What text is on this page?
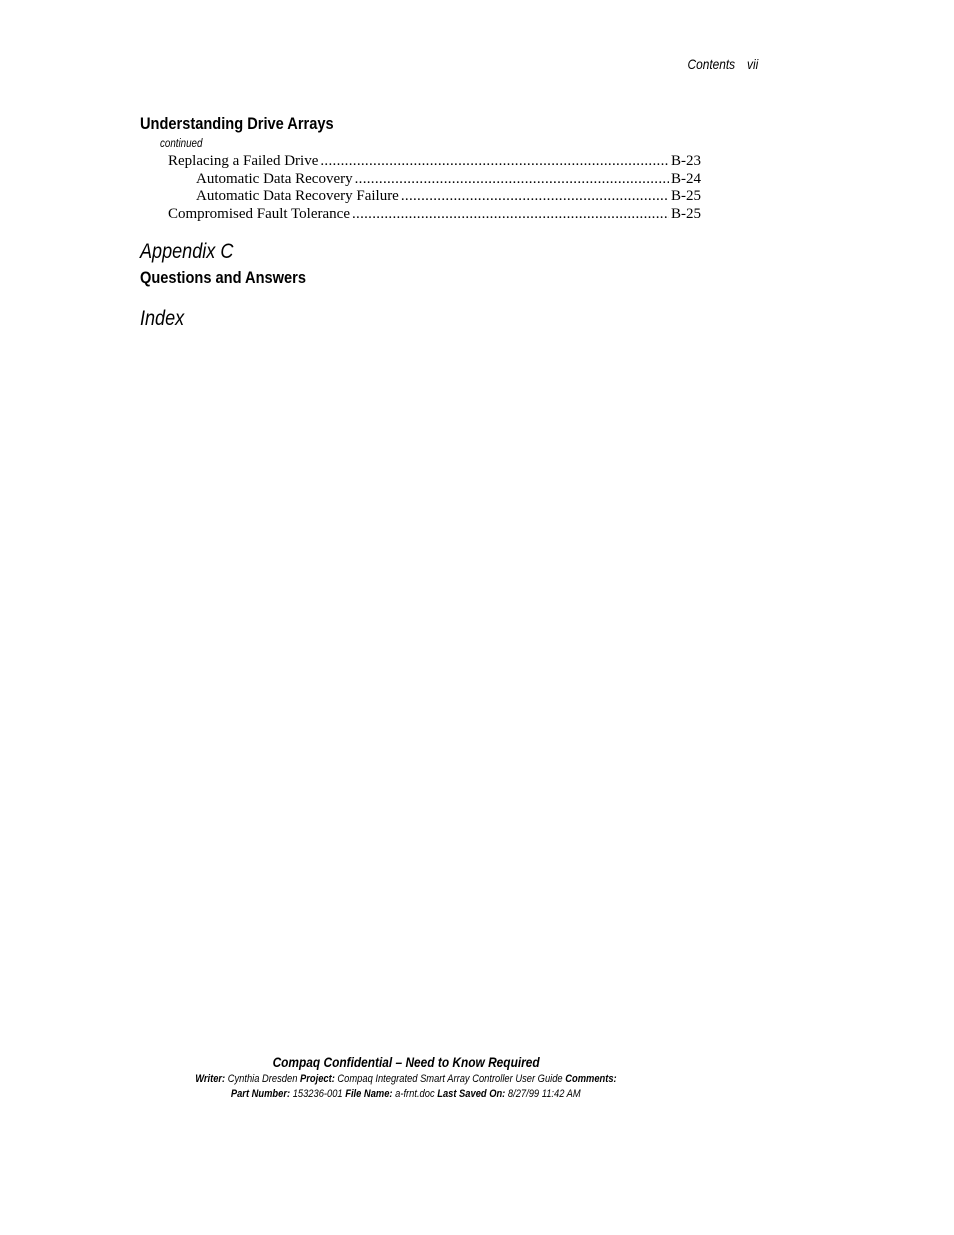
Contents vii
Understanding Drive Arrays
continued
Replacing a Failed Drive .....	B-23
Automatic Data Recovery .....	B-24
Automatic Data Recovery Failure .....	B-25
Compromised Fault Tolerance .....	B-25
Appendix C
Questions and Answers
Index
Compaq Confidential – Need to Know Required
Writer: Cynthia Dresden Project: Compaq Integrated Smart Array Controller User Guide Comments:
Part Number: 153236-001 File Name: a-frnt.doc Last Saved On: 8/27/99 11:42 AM
